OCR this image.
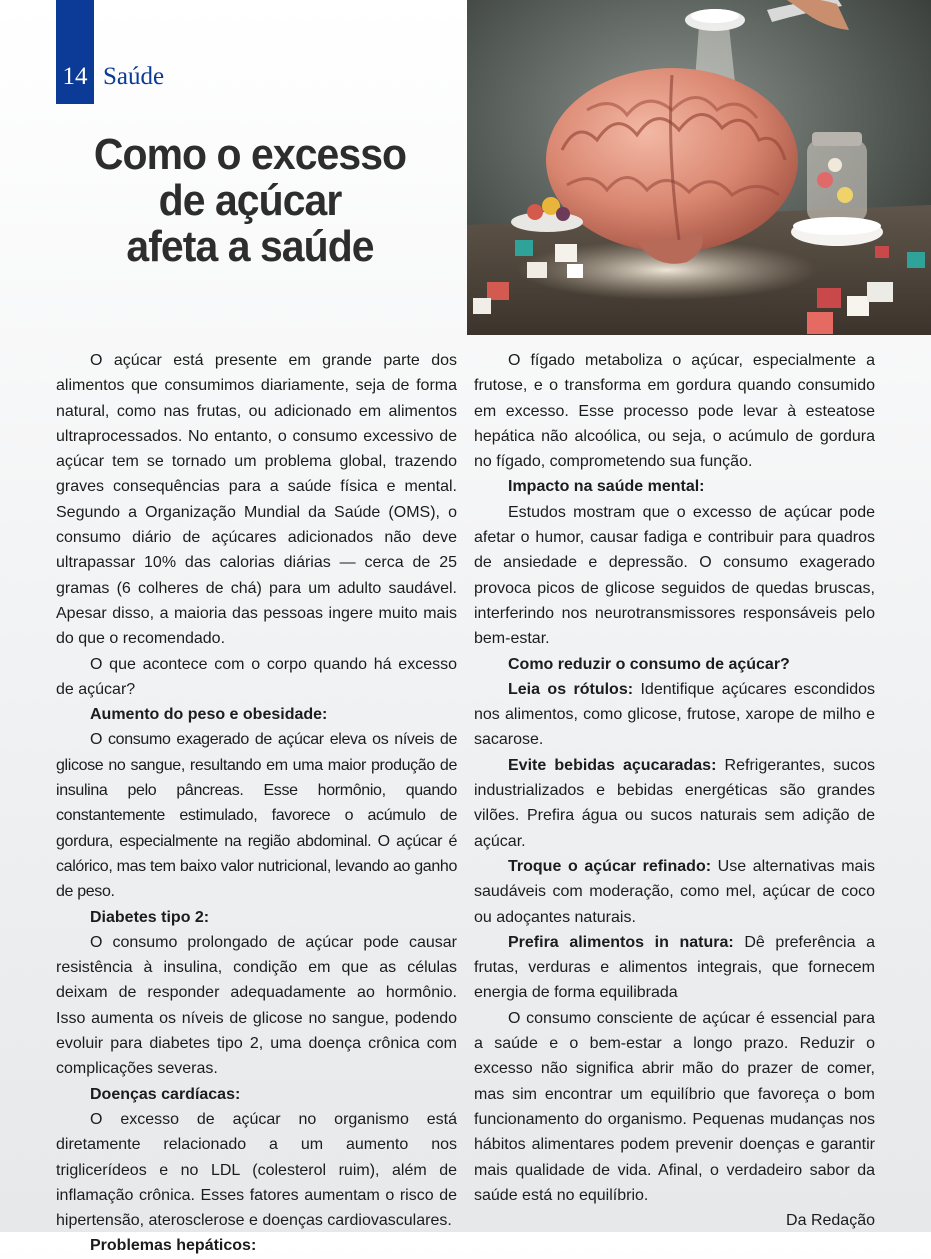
14 Saúde
Como o excesso
de açúcar
afeta a saúde

O açúcar está presente em grande parte dos alimentos que consumimos diariamente, seja de forma natural, como nas frutas, ou adicionado em alimentos ultraprocessados. No entanto, o consumo excessivo de açúcar tem se tornado um problema global, trazendo graves consequências para a saúde física e mental. Segundo a Organização Mundial da Saúde (OMS), o consumo diário de açúcares adicionados não deve ultrapassar 10% das calorias diárias — cerca de 25 gramas (6 colheres de chá) para um adulto saudável. Apesar disso, a maioria das pessoas ingere muito mais do que o recomendado.

O que acontece com o corpo quando há excesso de açúcar?

Aumento do peso e obesidade:

O consumo exagerado de açúcar eleva os níveis de glicose no sangue, resultando em uma maior produção de insulina pelo pâncreas. Esse hormônio, quando constantemente estimulado, favorece o acúmulo de gordura, especialmente na região abdominal. O açúcar é calórico, mas tem baixo valor nutricional, levando ao ganho de peso.

Diabetes tipo 2:

O consumo prolongado de açúcar pode causar resistência à insulina, condição em que as células deixam de responder adequadamente ao hormônio. Isso aumenta os níveis de glicose no sangue, podendo evoluir para diabetes tipo 2, uma doença crônica com complicações severas.

Doenças cardíacas:

O excesso de açúcar no organismo está diretamente relacionado a um aumento nos triglicerídeos e no LDL (colesterol ruim), além de inflamação crônica. Esses fatores aumentam o risco de hipertensão, aterosclerose e doenças cardiovasculares.

Problemas hepáticos:

O fígado metaboliza o açúcar, especialmente a frutose, e o transforma em gordura quando consumido em excesso. Esse processo pode levar à esteatose hepática não alcoólica, ou seja, o acúmulo de gordura no fígado, comprometendo sua função.

Impacto na saúde mental:

Estudos mostram que o excesso de açúcar pode afetar o humor, causar fadiga e contribuir para quadros de ansiedade e depressão. O consumo exagerado provoca picos de glicose seguidos de quedas bruscas, interferindo nos neurotransmissores responsáveis pelo bem-estar.

Como reduzir o consumo de açúcar?

Leia os rótulos: Identifique açúcares escondidos nos alimentos, como glicose, frutose, xarope de milho e sacarose.

Evite bebidas açucaradas: Refrigerantes, sucos industrializados e bebidas energéticas são grandes vilões. Prefira água ou sucos naturais sem adição de açúcar.

Troque o açúcar refinado: Use alternativas mais saudáveis com moderação, como mel, açúcar de coco ou adoçantes naturais.

Prefira alimentos in natura: Dê preferência a frutas, verduras e alimentos integrais, que fornecem energia de forma equilibrada

O consumo consciente de açúcar é essencial para a saúde e o bem-estar a longo prazo. Reduzir o excesso não significa abrir mão do prazer de comer, mas sim encontrar um equilíbrio que favoreça o bom funcionamento do organismo. Pequenas mudanças nos hábitos alimentares podem prevenir doenças e garantir mais qualidade de vida. Afinal, o verdadeiro sabor da saúde está no equilíbrio.

Da Redação
